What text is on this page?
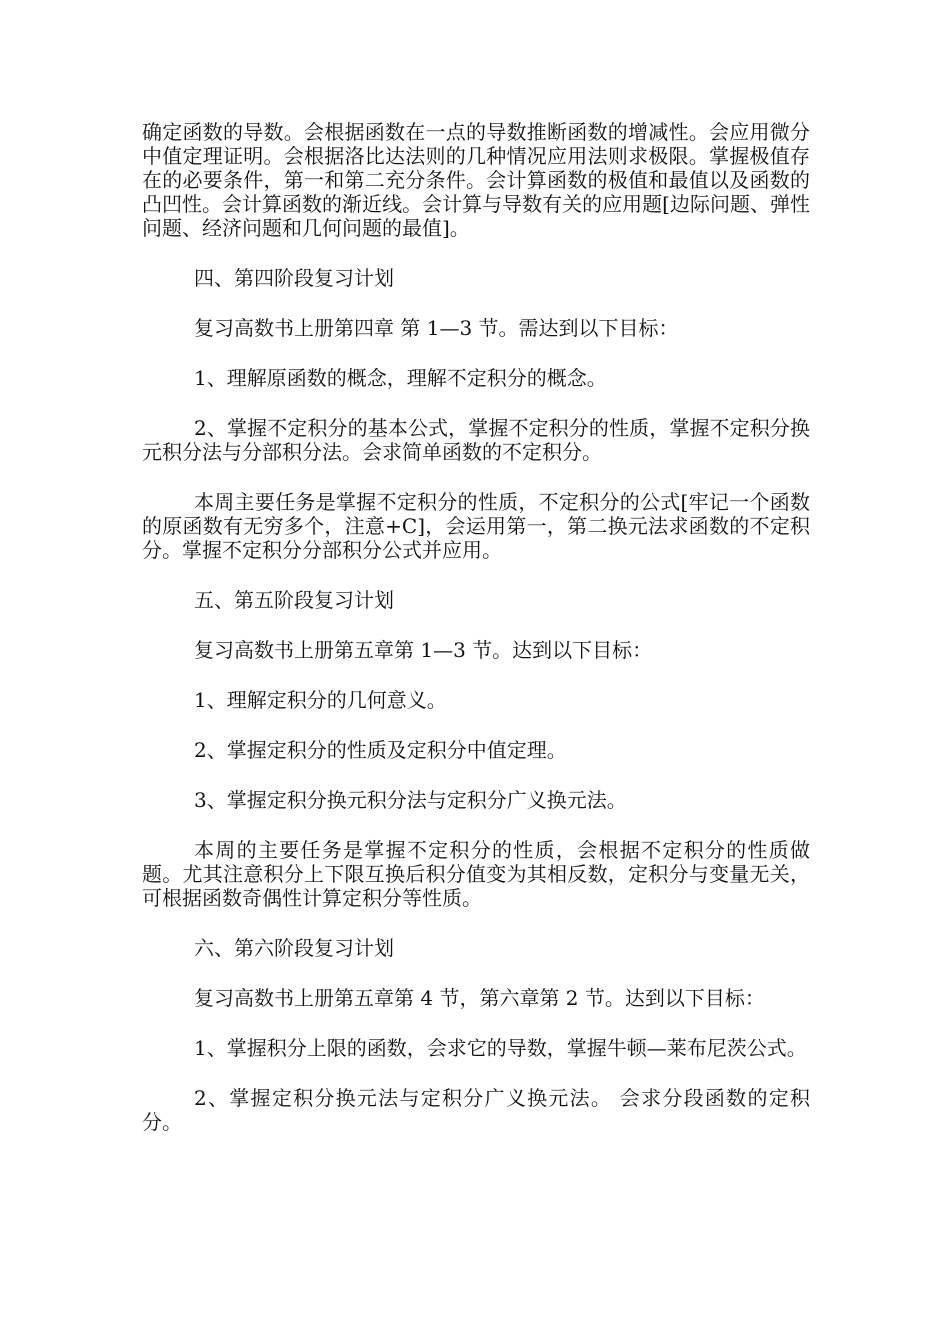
确定函数的导数。会根据函数在一点的导数推断函数的增减性。会应用微分中值定理证明。会根据洛比达法则的几种情况应用法则求极限。掌握极值存在的必要条件，第一和第二充分条件。会计算函数的极值和最值以及函数的凸凹性。会计算函数的渐近线。会计算与导数有关的应用题[边际问题、弹性问题、经济问题和几何问题的最值]。

四、第四阶段复习计划

复习高数书上册第四章 第 1—3 节。需达到以下目标：

1、理解原函数的概念，理解不定积分的概念。

2、掌握不定积分的基本公式，掌握不定积分的性质，掌握不定积分换元积分法与分部积分法。会求简单函数的不定积分。

本周主要任务是掌握不定积分的性质，不定积分的公式[牢记一个函数的原函数有无穷多个，注意+C]，会运用第一，第二换元法求函数的不定积分。掌握不定积分分部积分公式并应用。

五、第五阶段复习计划

复习高数书上册第五章第 1—3 节。达到以下目标：

1、理解定积分的几何意义。

2、掌握定积分的性质及定积分中值定理。

3、掌握定积分换元积分法与定积分广义换元法。

本周的主要任务是掌握不定积分的性质，会根据不定积分的性质做题。尤其注意积分上下限互换后积分值变为其相反数，定积分与变量无关，可根据函数奇偶性计算定积分等性质。

六、第六阶段复习计划

复习高数书上册第五章第 4 节，第六章第 2 节。达到以下目标：

1、掌握积分上限的函数，会求它的导数，掌握牛顿—莱布尼茨公式。

2、掌握定积分换元法与定积分广义换元法。 会求分段函数的定积分。
